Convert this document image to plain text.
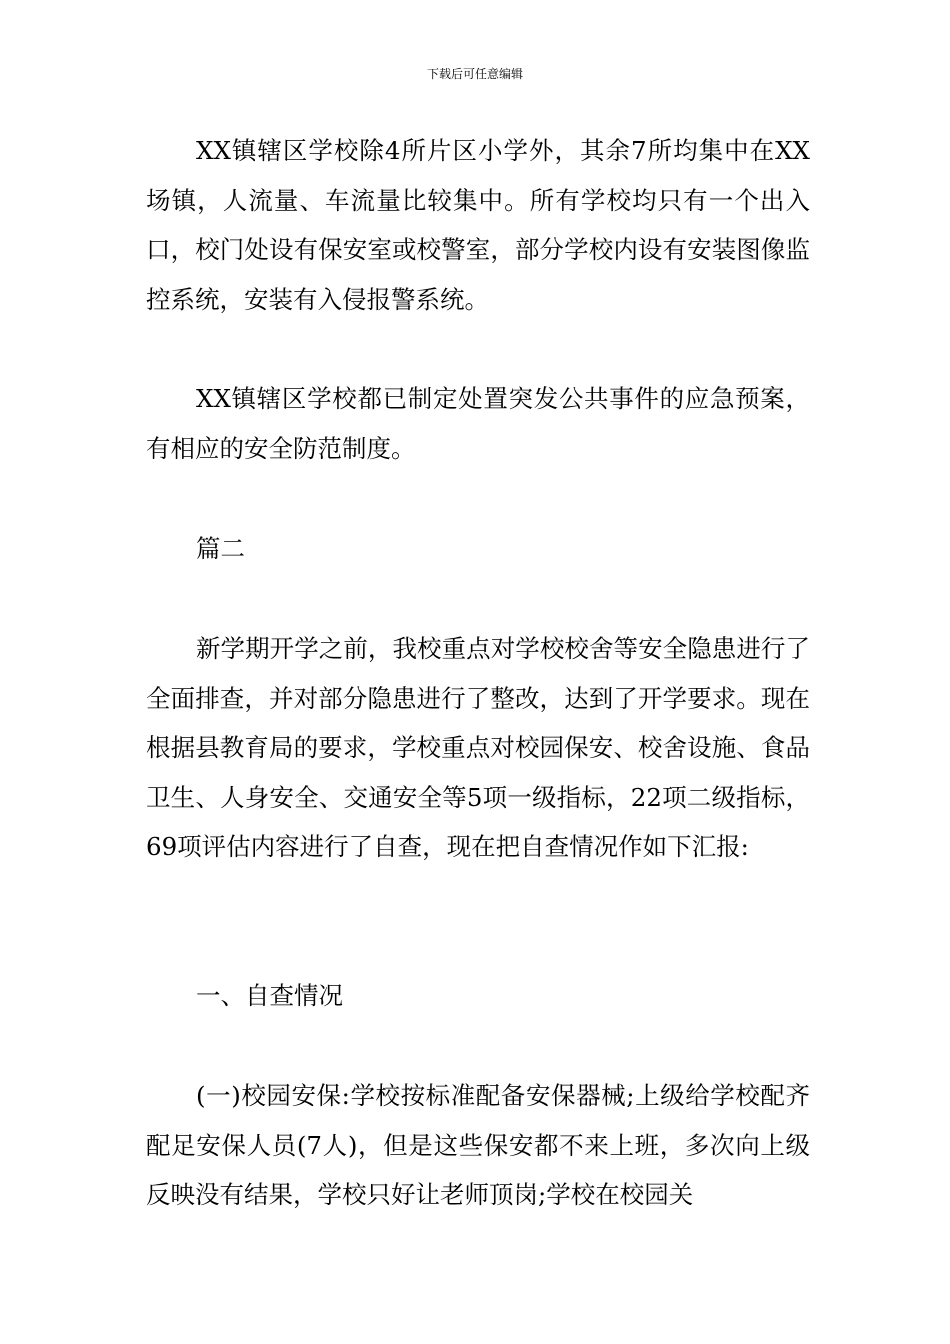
下载后可任意编辑

XX镇辖区学校除4所片区小学外，其余7所均集中在XX场镇，人流量、车流量比较集中。所有学校均只有一个出入口，校门处设有保安室或校警室，部分学校内设有安装图像监控系统，安装有入侵报警系统。

XX镇辖区学校都已制定处置突发公共事件的应急预案，有相应的安全防范制度。

篇二

新学期开学之前，我校重点对学校校舍等安全隐患进行了全面排查，并对部分隐患进行了整改，达到了开学要求。现在根据县教育局的要求，学校重点对校园保安、校舍设施、食品卫生、人身安全、交通安全等5项一级指标，22项二级指标，69项评估内容进行了自查，现在把自查情况作如下汇报:

一、自查情况

(一)校园安保:学校按标准配备安保器械;上级给学校配齐配足安保人员(7人)，但是这些保安都不来上班，多次向上级反映没有结果，学校只好让老师顶岗;学校在校园关
